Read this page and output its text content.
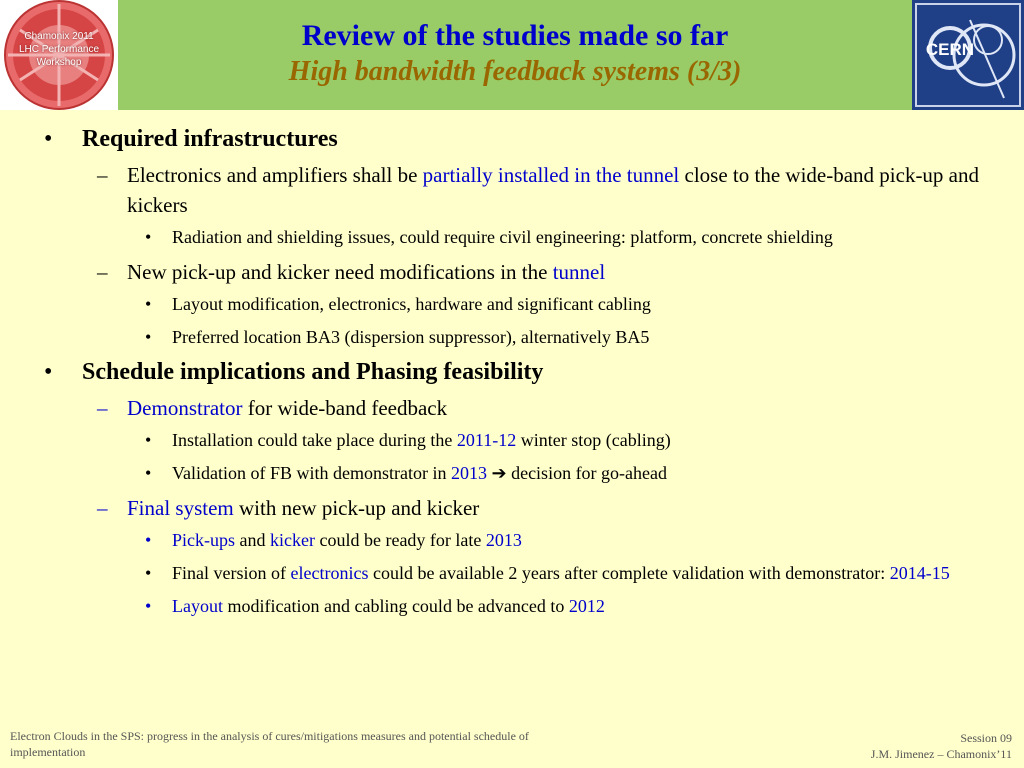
Chamonix 2011
LHC Performance
Workshop
Review of the studies made so far
High bandwidth feedback systems (3/3)
CERN
• Required infrastructures
– Electronics and amplifiers shall be partially installed in the tunnel close to the wide-band pick-up and kickers
• Radiation and shielding issues, could require civil engineering: platform, concrete shielding
– New pick-up and kicker need modifications in the tunnel
• Layout modification, electronics, hardware and significant cabling
• Preferred location BA3 (dispersion suppressor), alternatively BA5
• Schedule implications and Phasing feasibility
– Demonstrator for wide-band feedback
• Installation could take place during the 2011-12 winter stop (cabling)
• Validation of FB with demonstrator in 2013 ➔ decision for go-ahead
– Final system with new pick-up and kicker
• Pick-ups and kicker could be ready for late 2013
• Final version of electronics could be available 2 years after complete validation with demonstrator: 2014-15
• Layout modification and cabling could be advanced to 2012
Electron Clouds in the SPS: progress in the analysis of cures/mitigations measures and potential schedule of implementation
Session 09
J.M. Jimenez – Chamonix’11
